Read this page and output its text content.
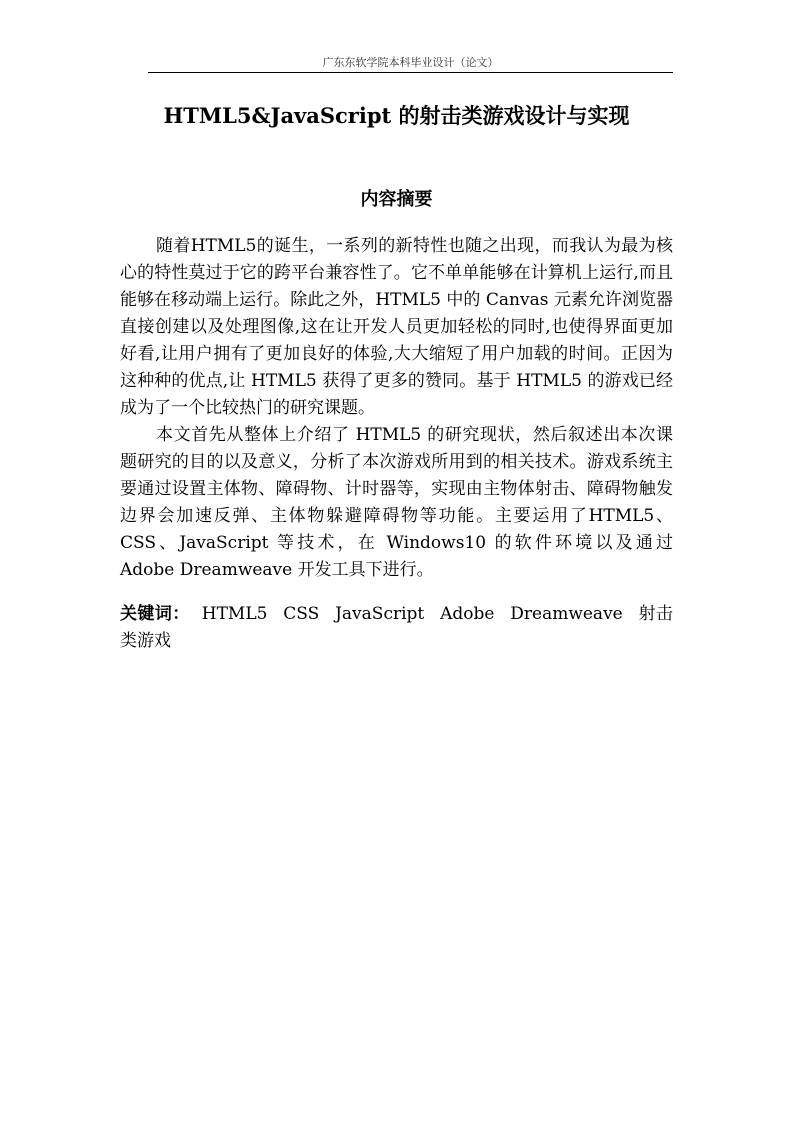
广东东软学院本科毕业设计（论文）
HTML5&JavaScript 的射击类游戏设计与实现
内容摘要

随着HTML5的诞生，一系列的新特性也随之出现，而我认为最为核心的特性莫过于它的跨平台兼容性了。它不单单能够在计算机上运行,而且能够在移动端上运行。除此之外，HTML5 中的 Canvas 元素允许浏览器直接创建以及处理图像,这在让开发人员更加轻松的同时,也使得界面更加好看,让用户拥有了更加良好的体验,大大缩短了用户加载的时间。正因为这种种的优点,让 HTML5 获得了更多的赞同。基于 HTML5 的游戏已经成为了一个比较热门的研究课题。

本文首先从整体上介绍了 HTML5 的研究现状，然后叙述出本次课题研究的目的以及意义，分析了本次游戏所用到的相关技术。游戏系统主要通过设置主体物、障碍物、计时器等，实现由主物体射击、障碍物触发边界会加速反弹、主体物躲避障碍物等功能。主要运用了HTML5、CSS、JavaScript 等技术，在 Windows10 的软件环境以及通过 Adobe Dreamweave 开发工具下进行。

关键词： HTML5 CSS JavaScript Adobe Dreamweave 射击类游戏
